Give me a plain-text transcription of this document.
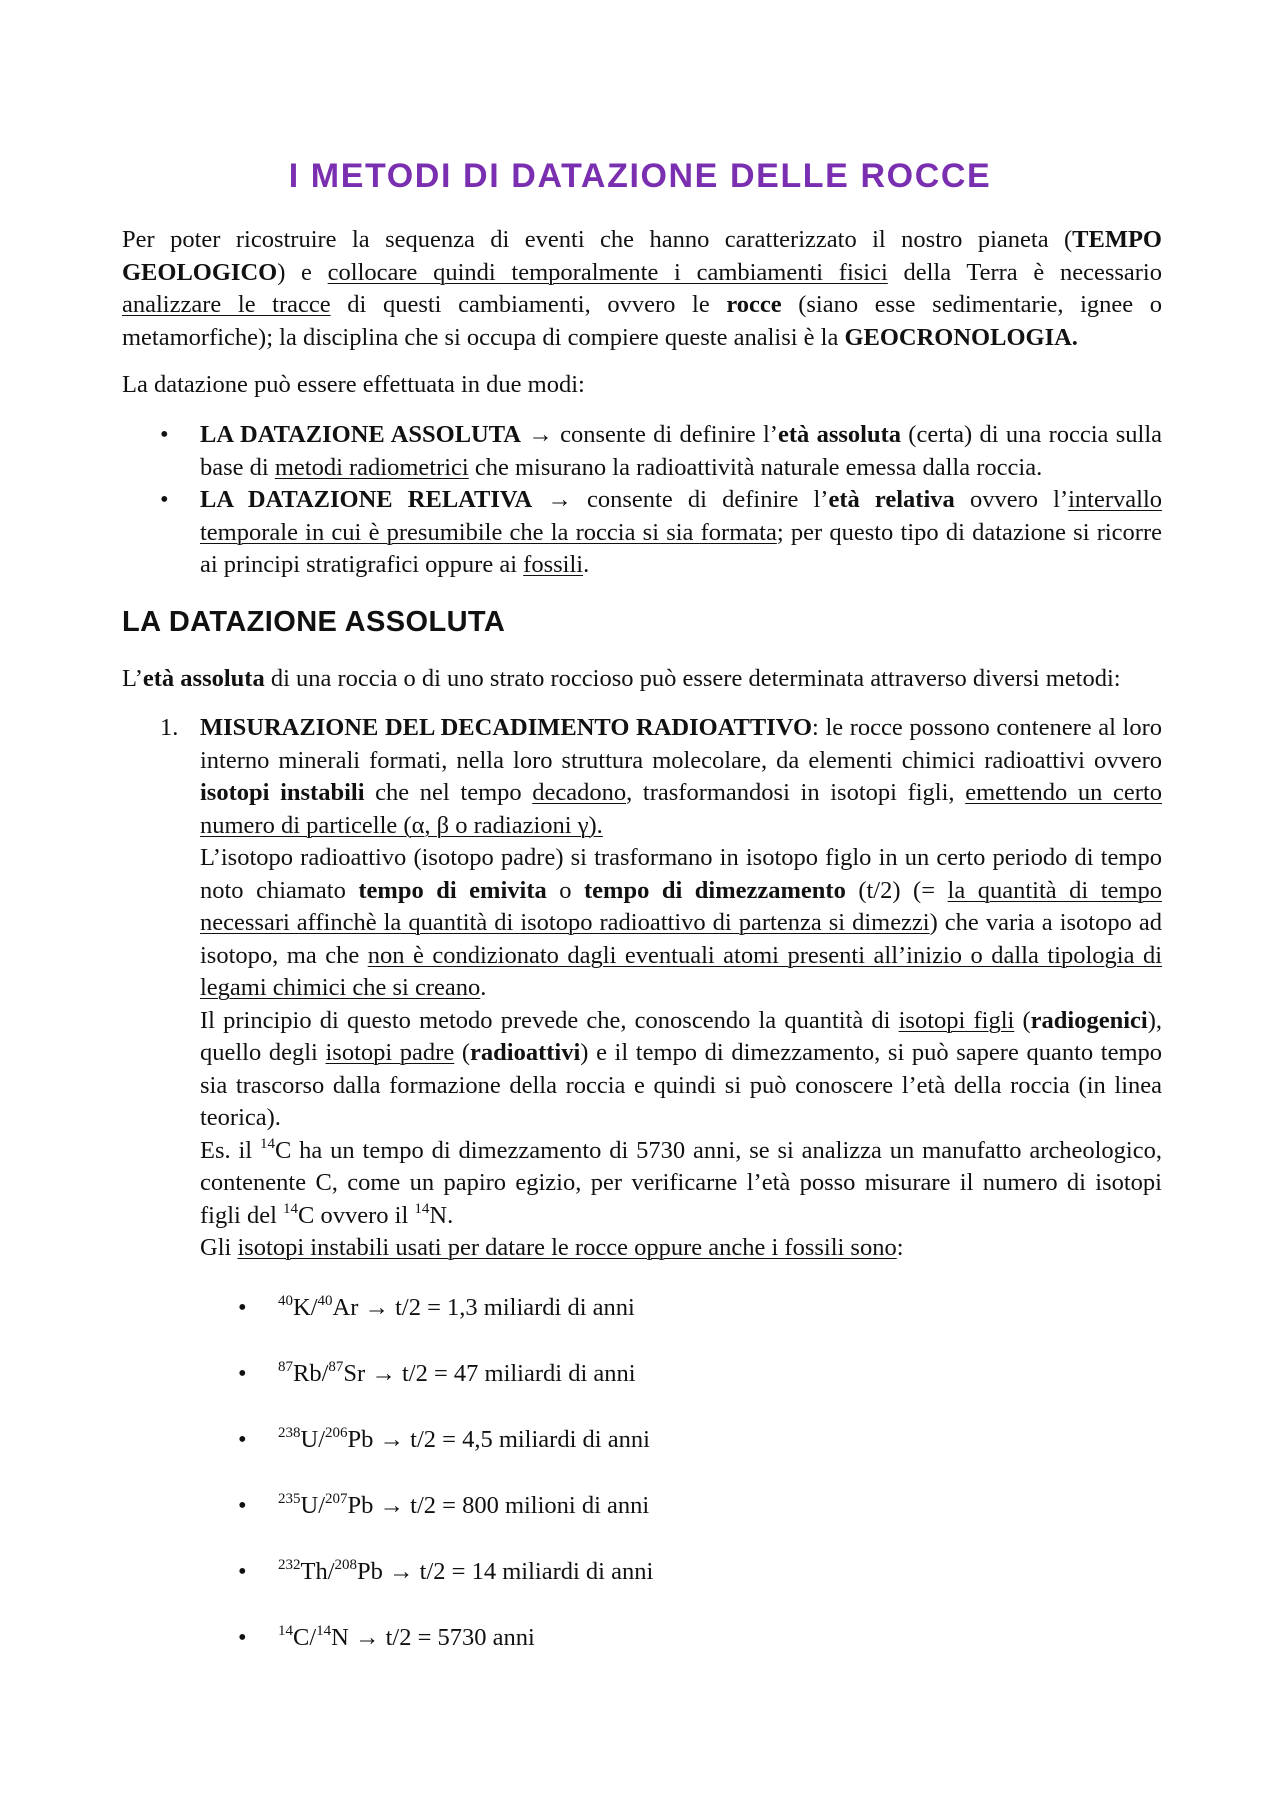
I METODI DI DATAZIONE DELLE ROCCE
Per poter ricostruire la sequenza di eventi che hanno caratterizzato il nostro pianeta (TEMPO GEOLOGICO) e collocare quindi temporalmente i cambiamenti fisici della Terra è necessario analizzare le tracce di questi cambiamenti, ovvero le rocce (siano esse sedimentarie, ignee o metamorfiche); la disciplina che si occupa di compiere queste analisi è la GEOCRONOLOGIA.
La datazione può essere effettuata in due modi:
• LA DATAZIONE ASSOLUTA → consente di definire l’età assoluta (certa) di una roccia sulla base di metodi radiometrici che misurano la radioattività naturale emessa dalla roccia.
• LA DATAZIONE RELATIVA → consente di definire l’età relativa ovvero l’intervallo temporale in cui è presumibile che la roccia si sia formata; per questo tipo di datazione si ricorre ai principi stratigrafici oppure ai fossili.
LA DATAZIONE ASSOLUTA
L’età assoluta di una roccia o di uno strato roccioso può essere determinata attraverso diversi metodi:
1. MISURAZIONE DEL DECADIMENTO RADIOATTIVO: le rocce possono contenere al loro interno minerali formati, nella loro struttura molecolare, da elementi chimici radioattivi ovvero isotopi instabili che nel tempo decadono, trasformandosi in isotopi figli, emettendo un certo numero di particelle (α, β o radiazioni γ).
L’isotopo radioattivo (isotopo padre) si trasformano in isotopo figlo in un certo periodo di tempo noto chiamato tempo di emivita o tempo di dimezzamento (t/2) (= la quantità di tempo necessari affinchè la quantità di isotopo radioattivo di partenza si dimezzi) che varia a isotopo ad isotopo, ma che non è condizionato dagli eventuali atomi presenti all’inizio o dalla tipologia di legami chimici che si creano.
Il principio di questo metodo prevede che, conoscendo la quantità di isotopi figli (radiogenici), quello degli isotopi padre (radioattivi) e il tempo di dimezzamento, si può sapere quanto tempo sia trascorso dalla formazione della roccia e quindi si può conoscere l’età della roccia (in linea teorica).
Es. il $^{14}$C ha un tempo di dimezzamento di 5730 anni, se si analizza un manufatto archeologico, contenente C, come un papiro egizio, per verificarne l’età posso misurare il numero di isotopi figli del $^{14}$C ovvero il $^{14}$N.
Gli isotopi instabili usati per datare le rocce oppure anche i fossili sono:
• $^{40}$K/$^{40}$Ar → t/2 = 1,3 miliardi di anni
• $^{87}$Rb/$^{87}$Sr → t/2 = 47 miliardi di anni
• $^{238}$U/$^{206}$Pb → t/2 = 4,5 miliardi di anni
• $^{235}$U/$^{207}$Pb → t/2 = 800 milioni di anni
• $^{232}$Th/$^{208}$Pb → t/2 = 14 miliardi di anni
• $^{14}$C/$^{14}$N → t/2 = 5730 anni
